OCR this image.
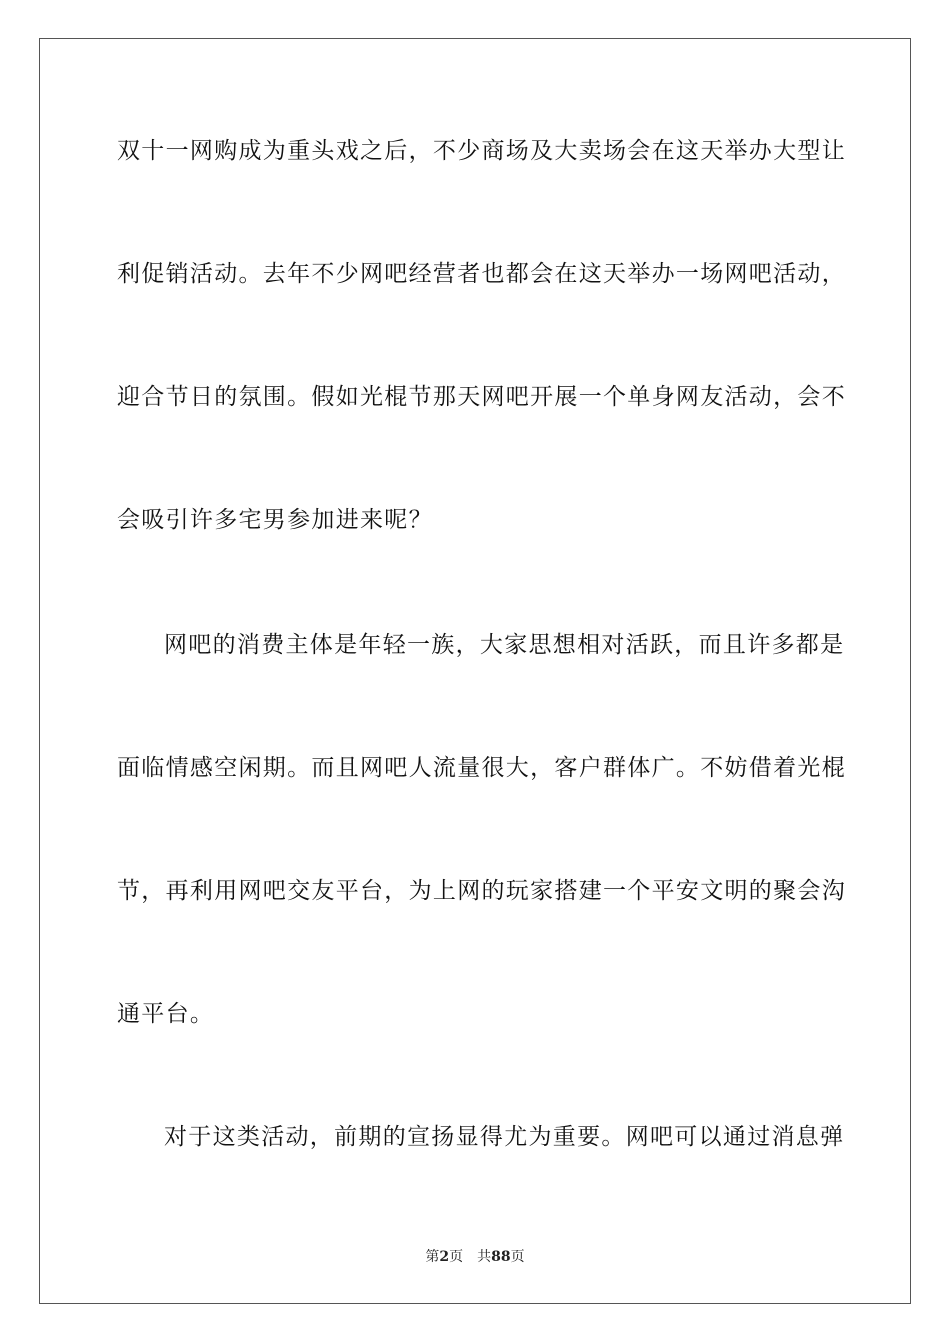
双十一网购成为重头戏之后，不少商场及大卖场会在这天举办大型让
利促销活动。去年不少网吧经营者也都会在这天举办一场网吧活动，
迎合节日的氛围。假如光棍节那天网吧开展一个单身网友活动，会不
会吸引许多宅男参加进来呢？
网吧的消费主体是年轻一族，大家思想相对活跃，而且许多都是
面临情感空闲期。而且网吧人流量很大，客户群体广。不妨借着光棍
节，再利用网吧交友平台，为上网的玩家搭建一个平安文明的聚会沟
通平台。
对于这类活动，前期的宣扬显得尤为重要。网吧可以通过消息弹
第2页 共88页
